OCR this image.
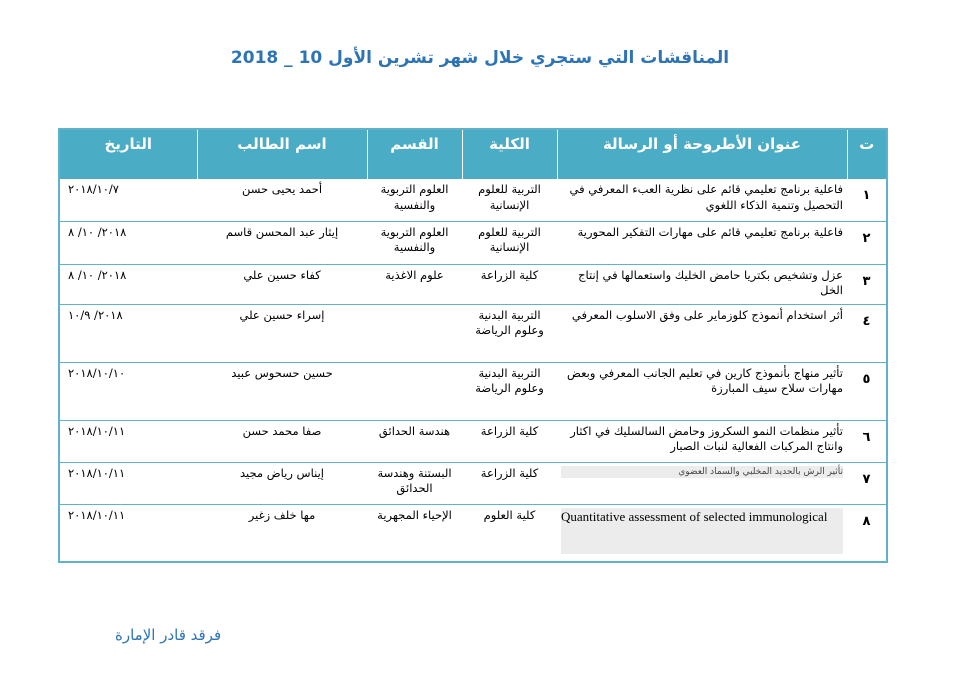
المناقشات التي ستجري خلال شهر تشرين الأول 10 _ 2018
ت	عنوان الأطروحة أو الرسالة	الكلية	القسم	اسم الطالب	التاريخ
١	فاعلية برنامج تعليمي قائم على نظرية العبء المعرفي في التحصيل وتنمية الذكاء اللغوي	التربية للعلوم الإنسانية	العلوم التربوية والنفسية	أحمد يحيى حسن	٢٠١٨/١٠/٧
٢	فاعلية برنامج تعليمي قائم على مهارات التفكير المحورية	التربية للعلوم الإنسانية	العلوم التربوية والنفسية	إيثار عبد المحسن قاسم	٢٠١٨/ ١٠/ ٨
٣	عزل وتشخيص بكتريا حامض الخليك واستعمالها في إنتاج الخل	كلية الزراعة	علوم الاغذية	كفاء حسين علي	٢٠١٨/ ١٠/ ٨
٤	أثر استخدام أنموذج كلوزماير على وفق الاسلوب المعرفي	التربية البدنية وعلوم الرياضة		إسراء حسين علي	٢٠١٨/ ١٠/٩
٥	تأثير منهاج بأنموذج كارين في تعليم الجانب المعرفي وبعض مهارات سلاح سيف المبارزة	التربية البدنية وعلوم الرياضة		حسين حسحوس عبيد	٢٠١٨/١٠/١٠
٦	تأثير منظمات النمو السكروز وحامض السالسليك في اكثار وانتاج المركبات الفعالية لنبات الصبار	كلية الزراعة	هندسة الحدائق	صفا محمد حسن	٢٠١٨/١٠/١١
٧	تأثير الرش بالحديد المخلبي والسماد العضوي	كلية الزراعة	البستنة وهندسة الحدائق	إيناس رياض مجيد	٢٠١٨/١٠/١١
٨	Quantitative assessment of selected immunological	كلية العلوم	الإحياء المجهرية	مها خلف زغير	٢٠١٨/١٠/١١
فرقد قادر الإمارة
